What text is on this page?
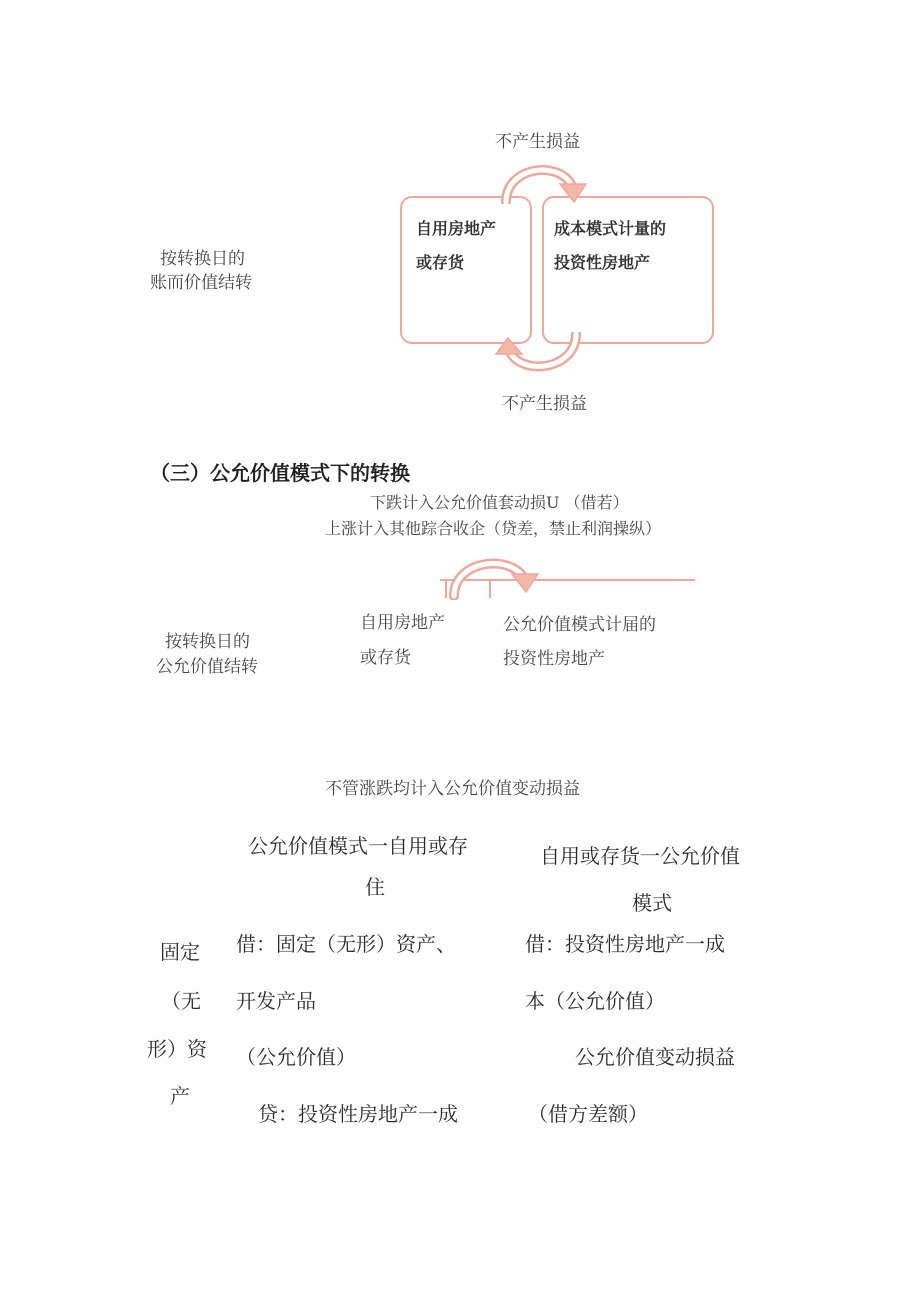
不产生损益
按转换日的
账而价值结转
自用房地产
或存货
成本模式计量的
投资性房地产
不产生损益
（三）公允价值模式下的转换
下跌计入公允价值套动损U （借若）
上涨计入其他踪合收企（贷差，禁止利润操纵）
按转换日的
公允价值结转
自用房地产
或存货
公允价值模式计届的
投资性房地产
不管涨跌均计入公允价值变动损益
公允价值模式一自用或存
住
自用或存货一公允价值
模式
固定
（无
形）资
产
借：固定（无形）资产、
开发产品
（公允价值）
贷：投资性房地产一成
借：投资性房地产一成
本（公允价值）
公允价值变动损益
（借方差额）
